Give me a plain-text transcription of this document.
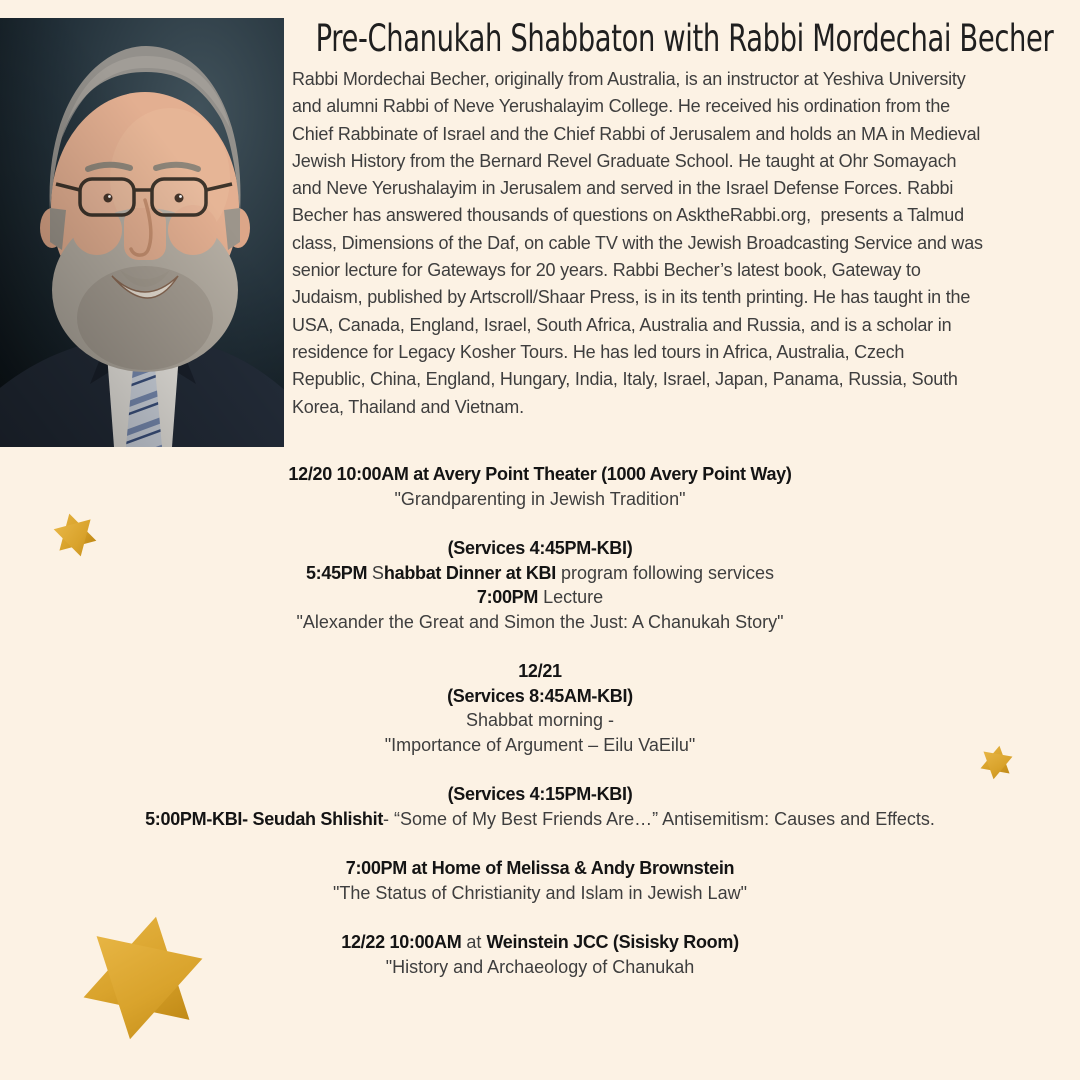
Pre-Chanukah Shabbaton with Rabbi Mordechai Becher
Rabbi Mordechai Becher, originally from Australia, is an instructor at Yeshiva University
and alumni Rabbi of Neve Yerushalayim College. He received his ordination from the
Chief Rabbinate of Israel and the Chief Rabbi of Jerusalem and holds an MA in Medieval
Jewish History from the Bernard Revel Graduate School. He taught at Ohr Somayach
and Neve Yerushalayim in Jerusalem and served in the Israel Defense Forces. Rabbi
Becher has answered thousands of questions on AsktheRabbi.org,  presents a Talmud
class, Dimensions of the Daf, on cable TV with the Jewish Broadcasting Service and was
senior lecture for Gateways for 20 years. Rabbi Becher’s latest book, Gateway to
Judaism, published by Artscroll/Shaar Press, is in its tenth printing. He has taught in the
USA, Canada, England, Israel, South Africa, Australia and Russia, and is a scholar in
residence for Legacy Kosher Tours. He has led tours in Africa, Australia, Czech
Republic, China, England, Hungary, India, Italy, Israel, Japan, Panama, Russia, South
Korea, Thailand and Vietnam.
12/20 10:00AM at Avery Point Theater (1000 Avery Point Way)
"Grandparenting in Jewish Tradition"
(Services 4:45PM-KBI)
5:45PM Shabbat Dinner at KBI program following services
7:00PM Lecture
"Alexander the Great and Simon the Just: A Chanukah Story"
12/21
(Services 8:45AM-KBI)
Shabbat morning -
"Importance of Argument – Eilu VaEilu"
(Services 4:15PM-KBI)
5:00PM-KBI- Seudah Shlishit- “Some of My Best Friends Are…” Antisemitism: Causes and Effects.
7:00PM at Home of Melissa & Andy Brownstein
"The Status of Christianity and Islam in Jewish Law"
12/22 10:00AM at Weinstein JCC (Sisisky Room)
"History and Archaeology of Chanukah
